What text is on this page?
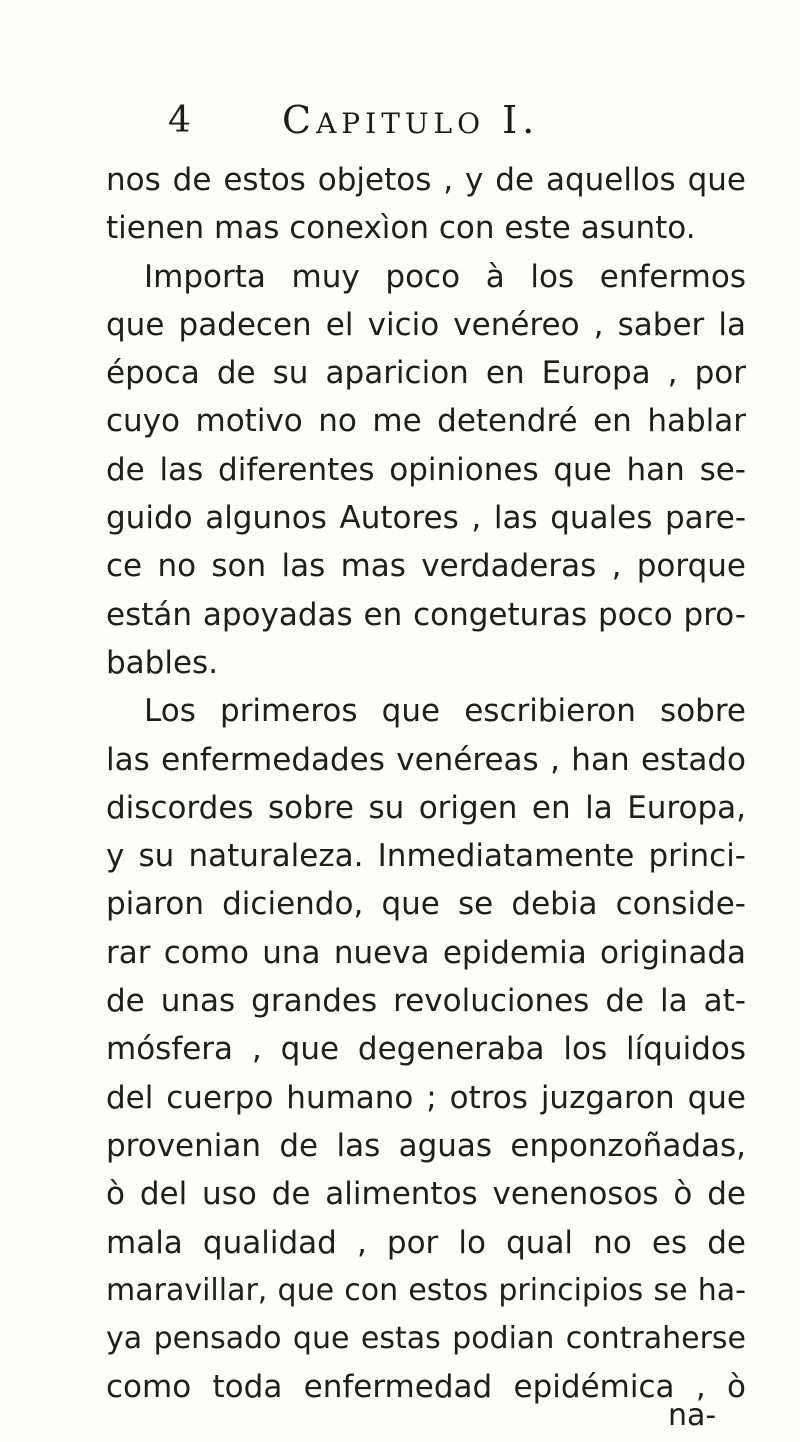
4 CAPITULO I.
nos de estos objetos , y de aquellos que
tienen mas conexìon con este asunto.
Importa muy poco à los enfermos
que padecen el vicio venéreo , saber la
época de su aparicion en Europa , por
cuyo motivo no me detendré en hablar
de las diferentes opiniones que han se-
guido algunos Autores , las quales pare-
ce no son las mas verdaderas , porque
están apoyadas en congeturas poco pro-
bables.
Los primeros que escribieron sobre
las enfermedades venéreas , han estado
discordes sobre su origen en la Europa,
y su naturaleza. Inmediatamente princi-
piaron diciendo, que se debia conside-
rar como una nueva epidemia originada
de unas grandes revoluciones de la at-
mósfera , que degeneraba los líquidos
del cuerpo humano ; otros juzgaron que
provenian de las aguas enponzoñadas,
ò del uso de alimentos venenosos ò de
mala qualidad , por lo qual no es de
maravillar, que con estos principios se ha-
ya pensado que estas podian contraherse
como toda enfermedad epidémica , ò
na-
